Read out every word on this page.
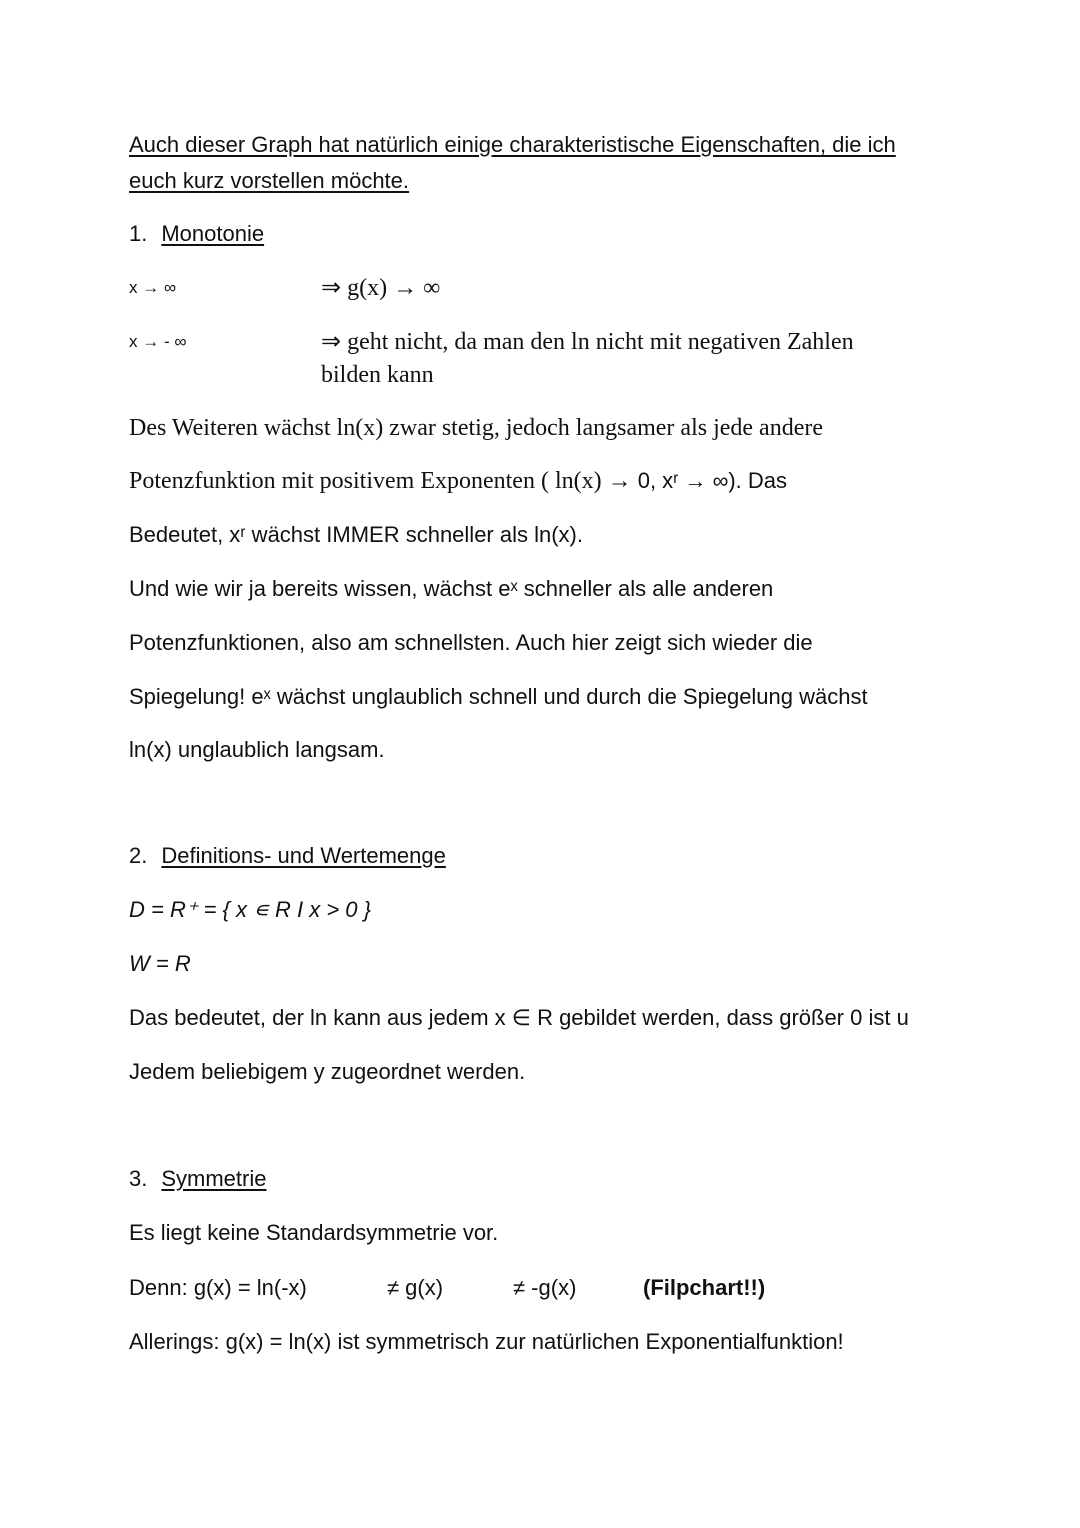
Auch dieser Graph hat natürlich einige charakteristische Eigenschaften, die ich
euch kurz vorstellen möchte.
1. Monotonie
x → ∞	⇒ g(x) → ∞
x → - ∞	⇒ geht nicht, da man den ln nicht mit negativen Zahlen
bilden kann
Des Weiteren wächst ln(x) zwar stetig, jedoch langsamer als jede andere
Potenzfunktion mit positivem Exponenten ( ln(x) → 0, xʳ → ∞). Das
Bedeutet, xʳ wächst IMMER schneller als ln(x).
Und wie wir ja bereits wissen, wächst eˣ schneller als alle anderen
Potenzfunktionen, also am schnellsten. Auch hier zeigt sich wieder die
Spiegelung! eˣ wächst unglaublich schnell und durch die Spiegelung wächst
ln(x) unglaublich langsam.
2. Definitions- und Wertemenge
D = R⁺ = { x ∊ R I x > 0 }
W = R
Das bedeutet, der ln kann aus jedem x ∈ R gebildet werden, dass größer 0 ist u
Jedem beliebigem y zugeordnet werden.
3. Symmetrie
Es liegt keine Standardsymmetrie vor.
Denn: g(x) = ln(-x)	≠ g(x)	≠ -g(x)	(Filpchart!!)
Allerings: g(x) = ln(x) ist symmetrisch zur natürlichen Exponentialfunktion!
